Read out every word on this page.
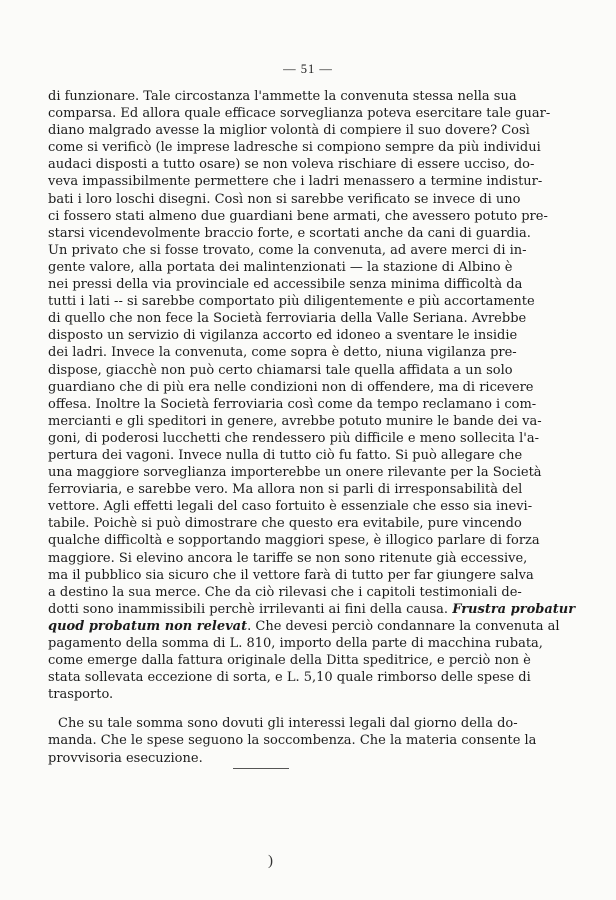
— 51 —
di funzionare. Tale circostanza l'ammette la convenuta stessa nella sua
comparsa. Ed allora quale efficace sorveglianza poteva esercitare tale guar-
diano malgrado avesse la miglior volontà di compiere il suo dovere? Così
come si verificò (le imprese ladresche si compiono sempre da più individui
audaci disposti a tutto osare) se non voleva rischiare di essere ucciso, do-
veva impassibilmente permettere che i ladri menassero a termine indistur-
bati i loro loschi disegni. Così non si sarebbe verificato se invece di uno
ci fossero stati almeno due guardiani bene armati, che avessero potuto pre-
starsi vicendevolmente braccio forte, e scortati anche da cani di guardia.
Un privato che si fosse trovato, come la convenuta, ad avere merci di in-
gente valore, alla portata dei malintenzionati — la stazione di Albino è
nei pressi della via provinciale ed accessibile senza minima difficoltà da
tutti i lati -- si sarebbe comportato più diligentemente e più accortamente
di quello che non fece la Società ferroviaria della Valle Seriana. Avrebbe
disposto un servizio di vigilanza accorto ed idoneo a sventare le insidie
dei ladri. Invece la convenuta, come sopra è detto, niuna vigilanza pre-
dispose, giacchè non può certo chiamarsi tale quella affidata a un solo
guardiano che di più era nelle condizioni non di offendere, ma di ricevere
offesa. Inoltre la Società ferroviaria così come da tempo reclamano i com-
mercianti e gli speditori in genere, avrebbe potuto munire le bande dei va-
goni, di poderosi lucchetti che rendessero più difficile e meno sollecita l'a-
pertura dei vagoni. Invece nulla di tutto ciò fu fatto. Si può allegare che
una maggiore sorveglianza importerebbe un onere rilevante per la Società
ferroviaria, e sarebbe vero. Ma allora non si parli di irresponsabilità del
vettore. Agli effetti legali del caso fortuito è essenziale che esso sia inevi-
tabile. Poichè si può dimostrare che questo era evitabile, pure vincendo
qualche difficoltà e sopportando maggiori spese, è illogico parlare di forza
maggiore. Si elevino ancora le tariffe se non sono ritenute già eccessive,
ma il pubblico sia sicuro che il vettore farà di tutto per far giungere salva
a destino la sua merce. Che da ciò rilevasi che i capitoli testimoniali de-
dotti sono inammissibili perchè irrilevanti ai fini della causa. Frustra probatur
quod probatum non relevat. Che devesi perciò condannare la convenuta al
pagamento della somma di L. 810, importo della parte di macchina rubata,
come emerge dalla fattura originale della Ditta speditrice, e perciò non è
stata sollevata eccezione di sorta, e L. 5,10 quale rimborso delle spese di
trasporto.
Che su tale somma sono dovuti gli interessi legali dal giorno della do-
manda. Che le spese seguono la soccombenza. Che la materia consente la
provvisoria esecuzione.
)
